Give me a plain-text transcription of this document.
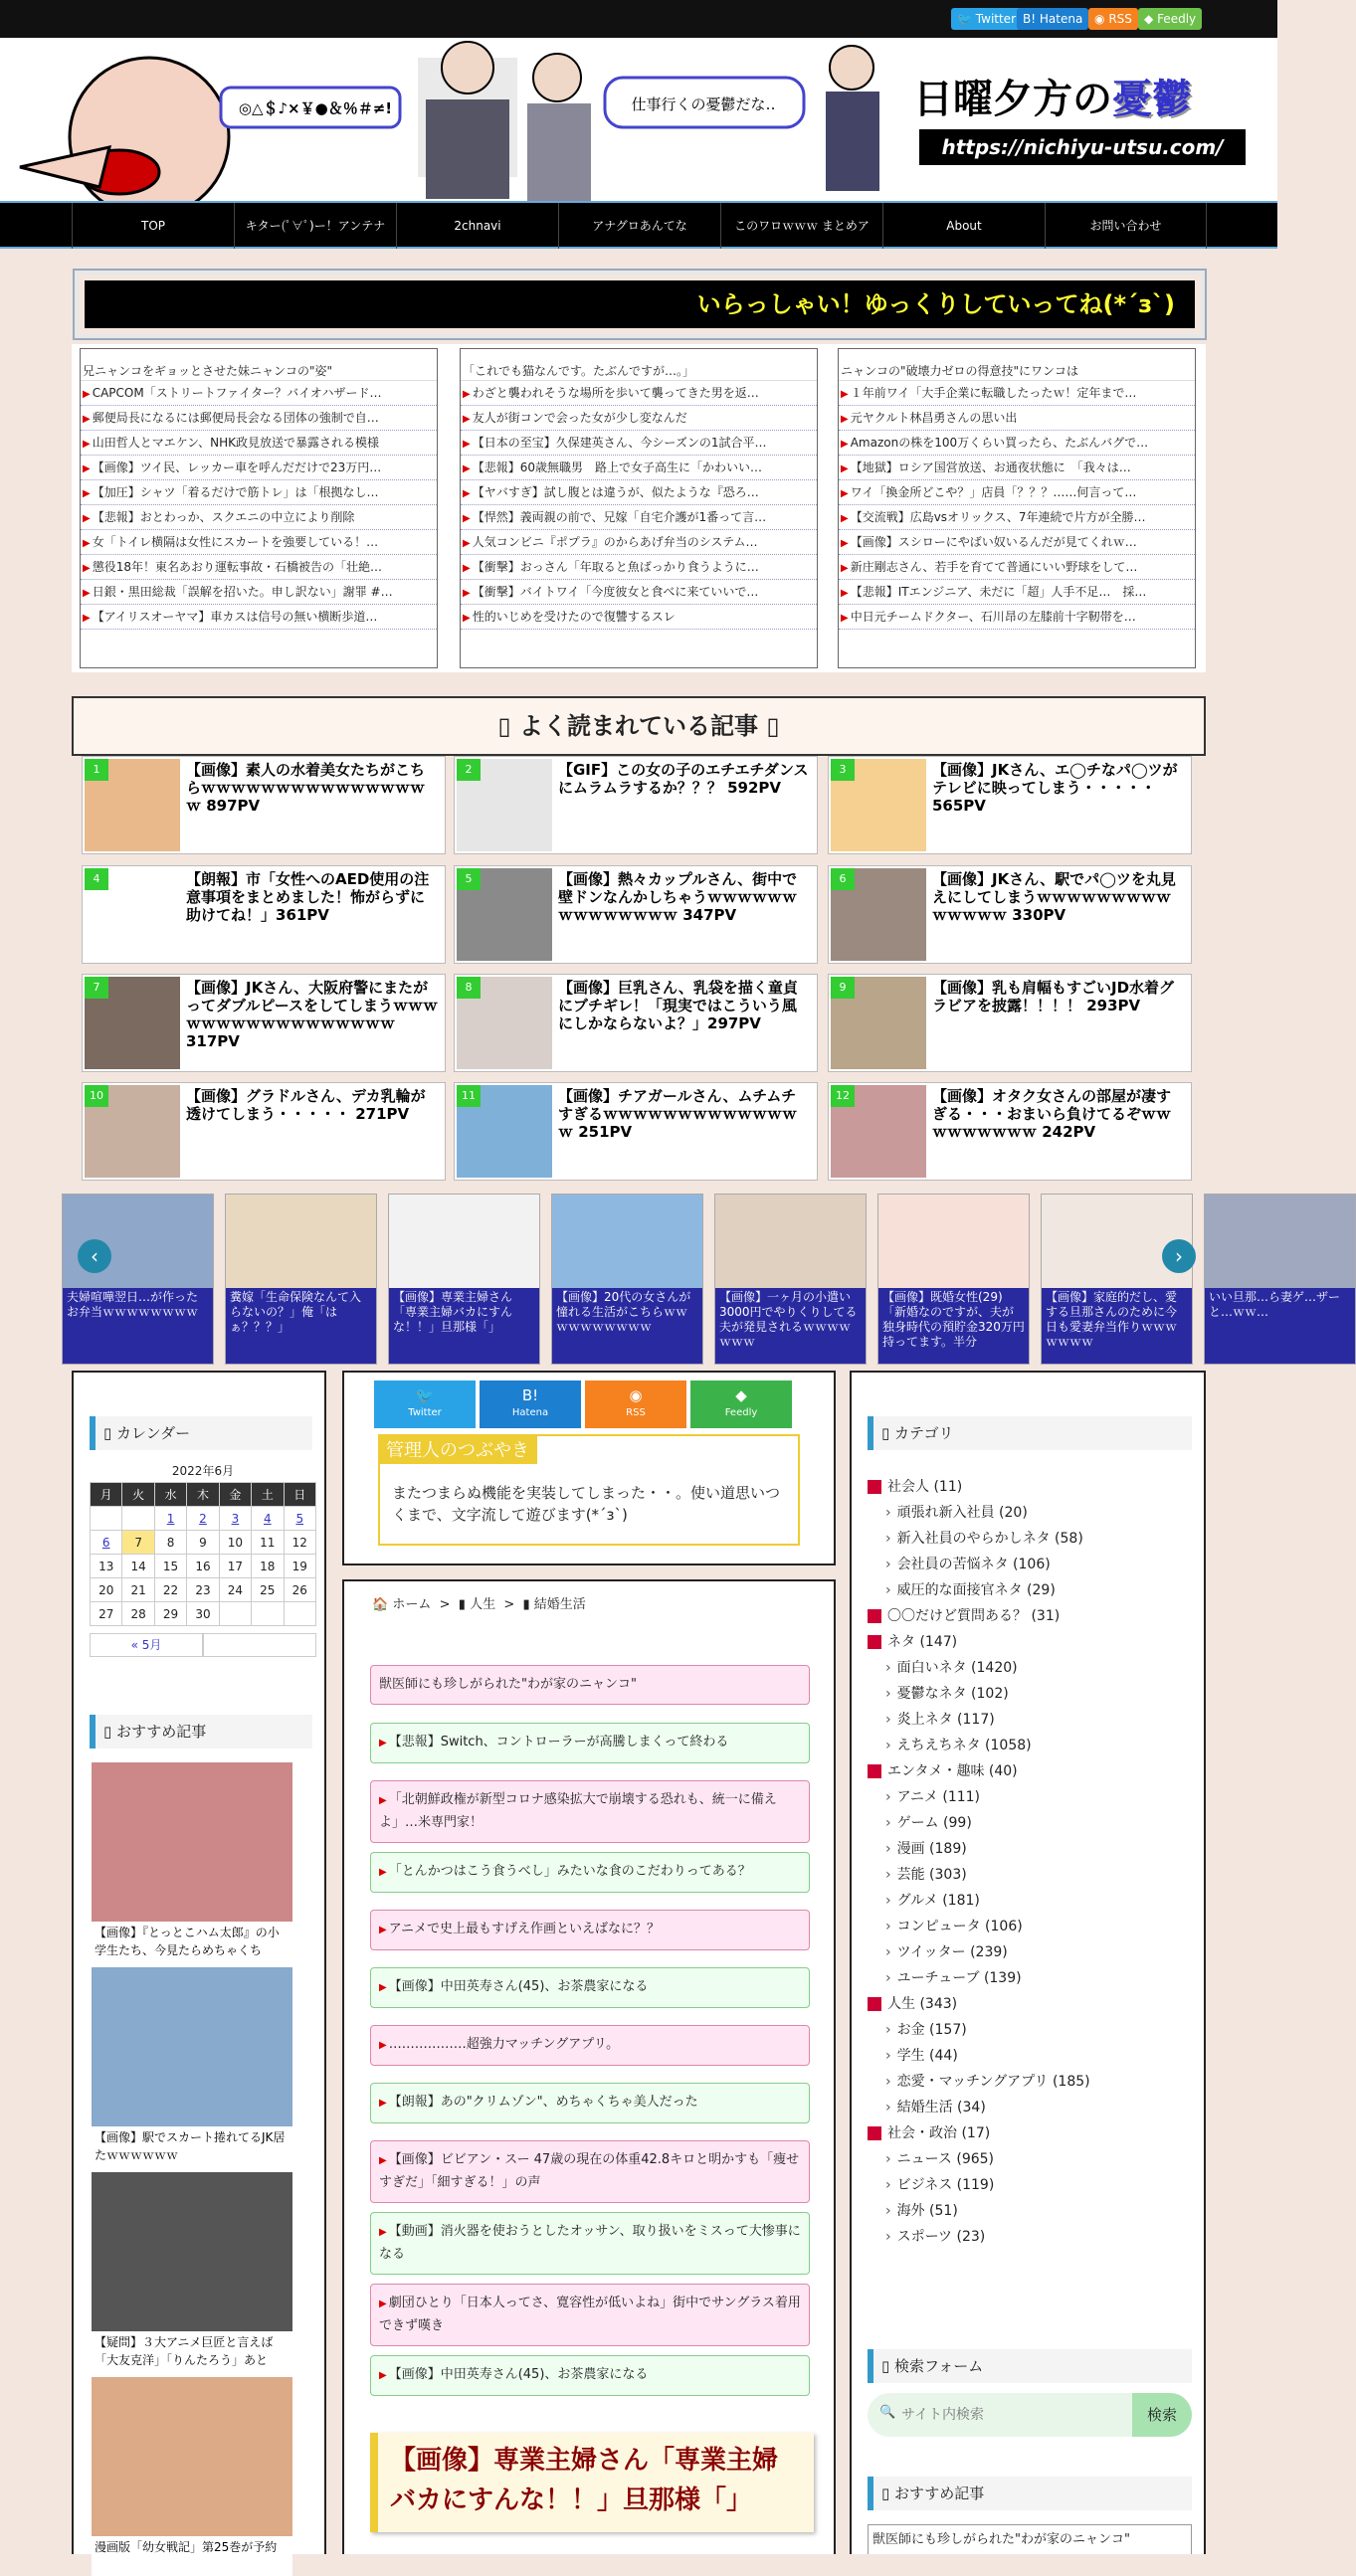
🐦 Twitter B! Hatena ◉ RSS	◆ Feedly
◎△＄♪×￥●＆％＃≠!	仕事行くの憂鬱だな‥	日曜夕方の憂鬱
https://nichiyu-utsu.com/
TOP	キター(ﾟ∀ﾟ)ー！アンテナ	2chnavi	アナグロあんてな	このワロｗｗｗ まとめア	About	お問い合わせ
いらっしゃい！ゆっくりしていってね(*´з`)
兄ニャンコをギョッとさせた妹ニャンコの"姿"
▶ CAPCOM「ストリートファイター？バイオハザード…
▶ 郵便局長になるには郵便局長会なる団体の強制で自…
▶ 山田哲人とマエケン、NHK政見放送で暴露される模様
▶ 【画像】ツイ民、レッカー車を呼んだだけで23万円…
▶ 【加圧】シャツ「着るだけで筋トレ」は「根拠なし…
▶ 【悲報】おとわっか、スクエニの中立により削除
▶ 女「トイレ横隔は女性にスカートを強要している！…
▶ 懲役18年！東名あおり運転事故・石橋被告の「壮絶…
▶ 日銀・黒田総裁「誤解を招いた。申し訳ない」謝罪 #…
▶ 【アイリスオーヤマ】車カスは信号の無い横断歩道…
「これでも猫なんです。たぶんですが…。」
▶ わざと襲われそうな場所を歩いて襲ってきた男を返…
▶ 友人が街コンで会った女が少し変なんだ
▶ 【日本の至宝】久保建英さん、今シーズンの1試合平…
▶ 【悲報】60歳無職男　路上で女子高生に「かわいい…
▶ 【ヤバすぎ】試し腹とは違うが、似たような『恐ろ…
▶ 【悍然】義両親の前で、兄嫁「自宅介護が1番って言…
▶ 人気コンビニ『ポプラ』のからあげ弁当のシステム…
▶ 【衝撃】おっさん「年取ると魚ばっかり食うように…
▶ 【衝撃】バイトワイ「今度彼女と食べに来ていいで…
▶ 性的いじめを受けたので復讐するスレ
ニャンコの"破壊力ゼロの得意技"にワンコは
▶ １年前ワイ「大手企業に転職したったｗ！定年まで…
▶ 元ヤクルト林昌勇さんの思い出
▶ Amazonの株を100万くらい買ったら、たぶんバグで…
▶ 【地獄】ロシア国営放送、お通夜状態に　「我々は…
▶ ワイ「換金所どこや？」店員「？？？……何言って…
▶ 【交流戦】広島vsオリックス、7年連続で片方が全勝…
▶ 【画像】スシローにやばい奴いるんだが見てくれｗ…
▶ 新庄剛志さん、若手を育てて普通にいい野球をして…
▶ 【悲報】ITエンジニア、未だに「超」人手不足…　採…
▶ 中日元チームドクター、石川昂の左膝前十字靭帯を…
▯ よく読まれている記事 ▯
1	【画像】素人の水着美女たちがこちらｗｗｗｗｗｗｗｗｗｗｗｗｗｗｗｗ 897PV
2	【GIF】この女の子のエチエチダンスにムラムラするか？？？ 592PV
3	【画像】JKさん、エ◯チなパ◯ツがテレビに映ってしまう・・・・・ 565PV
4	【朗報】市「女性へのAED使用の注意事項をまとめました！怖がらずに助けてね！」361PV
5	【画像】熱々カップルさん、街中で壁ドンなんかしちゃうｗｗｗｗｗｗｗｗｗｗｗｗｗｗ 347PV
6	【画像】JKさん、駅でパ◯ツを丸見えにしてしまうｗｗｗｗｗｗｗｗｗｗｗｗｗｗ 330PV
7	【画像】JKさん、大阪府警にまたがってダブルピースをしてしまうｗｗｗｗｗｗｗｗｗｗｗｗｗｗｗｗｗ 317PV
8	【画像】巨乳さん、乳袋を描く童貞にブチギレ！「現実ではこういう風にしかならないよ？」297PV
9	【画像】乳も肩幅もすごいJD水着グラビアを披露！！！！ 293PV
10	【画像】グラドルさん、デカ乳輪が透けてしまう・・・・・ 271PV
11	【画像】チアガールさん、ムチムチすぎるｗｗｗｗｗｗｗｗｗｗｗｗｗｗ 251PV
12	【画像】オタク女さんの部屋が凄すぎる・・・おまいら負けてるぞｗｗｗｗｗｗｗｗｗ 242PV
夫婦喧嘩翌日…が作ったお弁当ｗｗｗｗｗｗｗｗ
糞嫁「生命保険なんて入らないの？」俺「はぁ？？？」
【画像】専業主婦さん「専業主婦バカにすんな！！」旦那様「」
【画像】20代の女さんが憧れる生活がこちらｗｗｗｗｗｗｗｗｗｗ
【画像】一ヶ月の小遣い3000円でやりくりしてる夫が発見されるｗｗｗｗｗｗｗ
【画像】既婚女性(29)「新婚なのですが、夫が独身時代の預貯金320万円持ってます。半分
【画像】家庭的だし、愛する旦那さんのために今日も愛妻弁当作りｗｗｗｗｗｗｗ
いい旦那…ら妻ゲ…ザーと…ｗｗ…
‹	›
▯ カレンダー
2022年6月
月	火	水	木	金	土	日
		1	2	3	4	5
6	7	8	9	10	11	12
13	14	15	16	17	18	19
20	21	22	23	24	25	26
27	28	29	30			
« 5月
▯ おすすめ記事
【画像】『とっとこハム太郎』の小学生たち、今見たらめちゃくち
【画像】駅でスカート捲れてるJK居たｗｗｗｗｗｗ
【疑問】３大アニメ巨匠と言えば「大友克洋」「りんたろう」あと
漫画版「幼女戦記」第25巻が予約
🐦
Twitter
B!
Hatena
◉
RSS
◆
Feedly
管理人のつぶやき
またつまらぬ機能を実装してしまった・・。使い道思いつくまで、文字流して遊びます(*´з`)
🏠 ホーム  >  ▮ 人生  >  ▮ 結婚生活
獣医師にも珍しがられた"わが家のニャンコ"
▶ 【悲報】Switch、コントローラーが高騰しまくって終わる
▶ 「北朝鮮政権が新型コロナ感染拡大で崩壊する恐れも、統一に備えよ」…米専門家！
▶ 「とんかつはこう食うべし」みたいな食のこだわりってある？
▶ アニメで史上最もすげえ作画といえばなに？？
▶ 【画像】中田英寿さん(45)、お茶農家になる
▶ ………………超強力マッチングアプリ。
▶ 【朗報】あの"クリムゾン"、めちゃくちゃ美人だった
▶ 【画像】ビビアン・スー 47歳の現在の体重42.8キロと明かすも「痩せすぎだ」「細すぎる！」の声
▶ 【動画】消火器を使おうとしたオッサン、取り扱いをミスって大惨事になる
▶ 劇団ひとり「日本人ってさ、寛容性が低いよね」街中でサングラス着用できず嘆き
▶ 【画像】中田英寿さん(45)、お茶農家になる
【画像】専業主婦さん「専業主婦バカにすんな！！」旦那様「」
▯ カテゴリ
社会人 (11)
› 頑張れ新入社員 (20)
› 新入社員のやらかしネタ (58)
› 会社員の苦悩ネタ (106)
› 威圧的な面接官ネタ (29)
〇〇だけど質問ある？ (31)
ネタ (147)
› 面白いネタ (1420)
› 憂鬱なネタ (102)
› 炎上ネタ (117)
› えちえちネタ (1058)
エンタメ・趣味 (40)
› アニメ (111)
› ゲーム (99)
› 漫画 (189)
› 芸能 (303)
› グルメ (181)
› コンピュータ (106)
› ツイッター (239)
› ユーチューブ (139)
人生 (343)
› お金 (157)
› 学生 (44)
› 恋愛・マッチングアプリ (185)
› 結婚生活 (34)
社会・政治 (17)
› ニュース (965)
› ビジネス (119)
› 海外 (51)
› スポーツ (23)
▯ 検索フォーム
🔍
サイト内検索	検索
▯ おすすめ記事
獣医師にも珍しがられた"わが家のニャンコ"
